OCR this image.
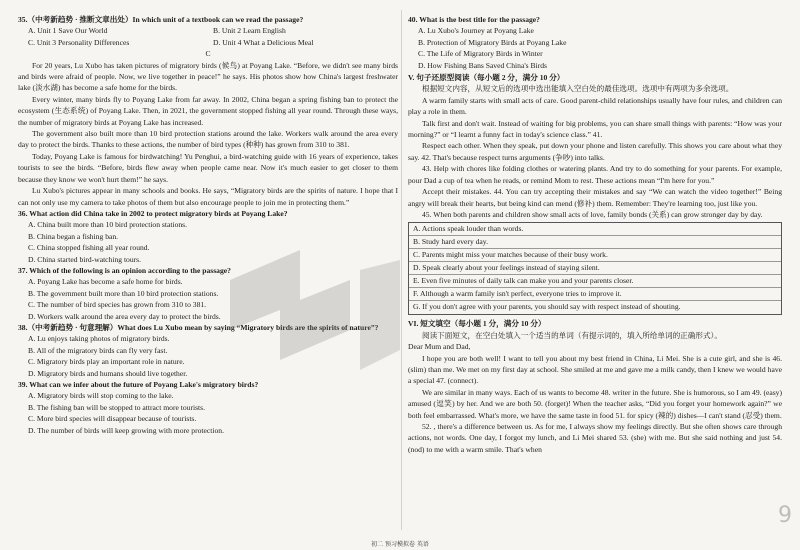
35.（中考新趋势 · 推断文章出处）In which unit of a textbook can we read the passage?
A. Unit 1 Save Our World	B. Unit 2 Learn English
C. Unit 3 Personality Differences	D. Unit 4 What a Delicious Meal
C
For 20 years, Lu Xubo has taken pictures of migratory birds (候鸟) at Poyang Lake. “Before, we didn't see many birds and birds were afraid of people. Now, we live together in peace!” he says. His photos show how China's largest freshwater lake (淡水湖) has become a safe home for the birds.
Every winter, many birds fly to Poyang Lake from far away. In 2002, China began a spring fishing ban to protect the ecosystem (生态系统) of Poyang Lake. Then, in 2021, the government stopped fishing all year round. Through these ways, the number of migratory birds at Poyang Lake has increased.
The government also built more than 10 bird protection stations around the lake. Workers walk around the area every day to protect the birds. Thanks to these actions, the number of bird types (种种) has grown from 310 to 381.
Today, Poyang Lake is famous for birdwatching! Yu Penghui, a bird-watching guide with 16 years of experience, takes tourists to see the birds. “Before, birds flew away when people came near. Now it's much easier to get closer to them because they know we won't hurt them!” he says.
Lu Xubo's pictures appear in many schools and books. He says, “Migratory birds are the spirits of nature. I hope that I can not only use my camera to take photos of them but also encourage people to join me in protecting them.”
36. What action did China take in 2002 to protect migratory birds at Poyang Lake?
A. China built more than 10 bird protection stations.
B. China began a fishing ban.
C. China stopped fishing all year round.
D. China started bird-watching tours.
37. Which of the following is an opinion according to the passage?
A. Poyang Lake has become a safe home for birds.
B. The government built more than 10 bird protection stations.
C. The number of bird species has grown from 310 to 381.
D. Workers walk around the area every day to protect the birds.
38.（中考新趋势 · 句意理解）What does Lu Xubo mean by saying “Migratory birds are the spirits of nature”?
A. Lu enjoys taking photos of migratory birds.
B. All of the migratory birds can fly very fast.
C. Migratory birds play an important role in nature.
D. Migratory birds and humans should live together.
39. What can we infer about the future of Poyang Lake's migratory birds?
A. Migratory birds will stop coming to the lake.
B. The fishing ban will be stopped to attract more tourists.
C. More bird species will disappear because of tourists.
D. The number of birds will keep growing with more protection.
40. What is the best title for the passage?
A. Lu Xubo's Journey at Poyang Lake
B. Protection of Migratory Birds at Poyang Lake
C. The Life of Migratory Birds in Winter
D. How Fishing Bans Saved China's Birds
V. 句子还原型阅读（每小题 2 分，满分 10 分）
根据短文内容，从短文后的选项中选出能填入空白处的最佳选项。选项中有两项为多余选项。
A warm family starts with small acts of care. Good parent-child relationships usually have four rules, and children can play a role in them.
Talk first and don't wait. Instead of waiting for big problems, you can share small things with parents: “How was your morning?” or “I learnt a funny fact in today's science class.” 41.
Respect each other. When they speak, put down your phone and listen carefully. This shows you care about what they say. 42. That's because respect turns arguments (争吵) into talks.
43. Help with chores like folding clothes or watering plants. And try to do something for your parents. For example, pour Dad a cup of tea when he reads, or remind Mom to rest. These actions mean “I'm here for you.”
Accept their mistakes. 44. You can try accepting their mistakes and say “We can watch the video together!” Being angry will break their hearts, but being kind can mend (修补) them. Remember: They're learning too, just like you.
45. When both parents and children show small acts of love, family bonds (关系) can grow stronger day by day.
A. Actions speak louder than words.
B. Study hard every day.
C. Parents might miss your matches because of their busy work.
D. Speak clearly about your feelings instead of staying silent.
E. Even five minutes of daily talk can make you and your parents closer.
F. Although a warm family isn't perfect, everyone tries to improve it.
G. If you don't agree with your parents, you should say with respect instead of shouting.
VI. 短文填空（每小题 1 分，满分 10 分）
阅读下面短文，在空白处填入一个适当的单词（有提示词的，填入所给单词的正确形式）。
Dear Mum and Dad,
I hope you are both well! I want to tell you about my best friend in China, Li Mei. She is a cute girl, and she is 46. (slim) than me. We met on my first day at school. She smiled at me and gave me a milk candy, then I knew we would have a special 47. (connect).
We are similar in many ways. Each of us wants to become 48. writer in the future. She is humorous, so I am 49. (easy) amused (逗笑) by her. And we are both 50. (forget)! When the teacher asks, “Did you forget your homework again?” we both feel embarrassed. What's more, we have the same taste in food 51. for spicy (辣的) dishes—I can't stand (忍受) them.
52. , there's a difference between us. As for me, I always show my feelings directly. But she often shows care through actions, not words. One day, I forgot my lunch, and Li Mei shared 53. (she) with me. But she said nothing and just 54. (nod) to me with a warm smile. That's when
9
初二 预习模拟卷 英语
